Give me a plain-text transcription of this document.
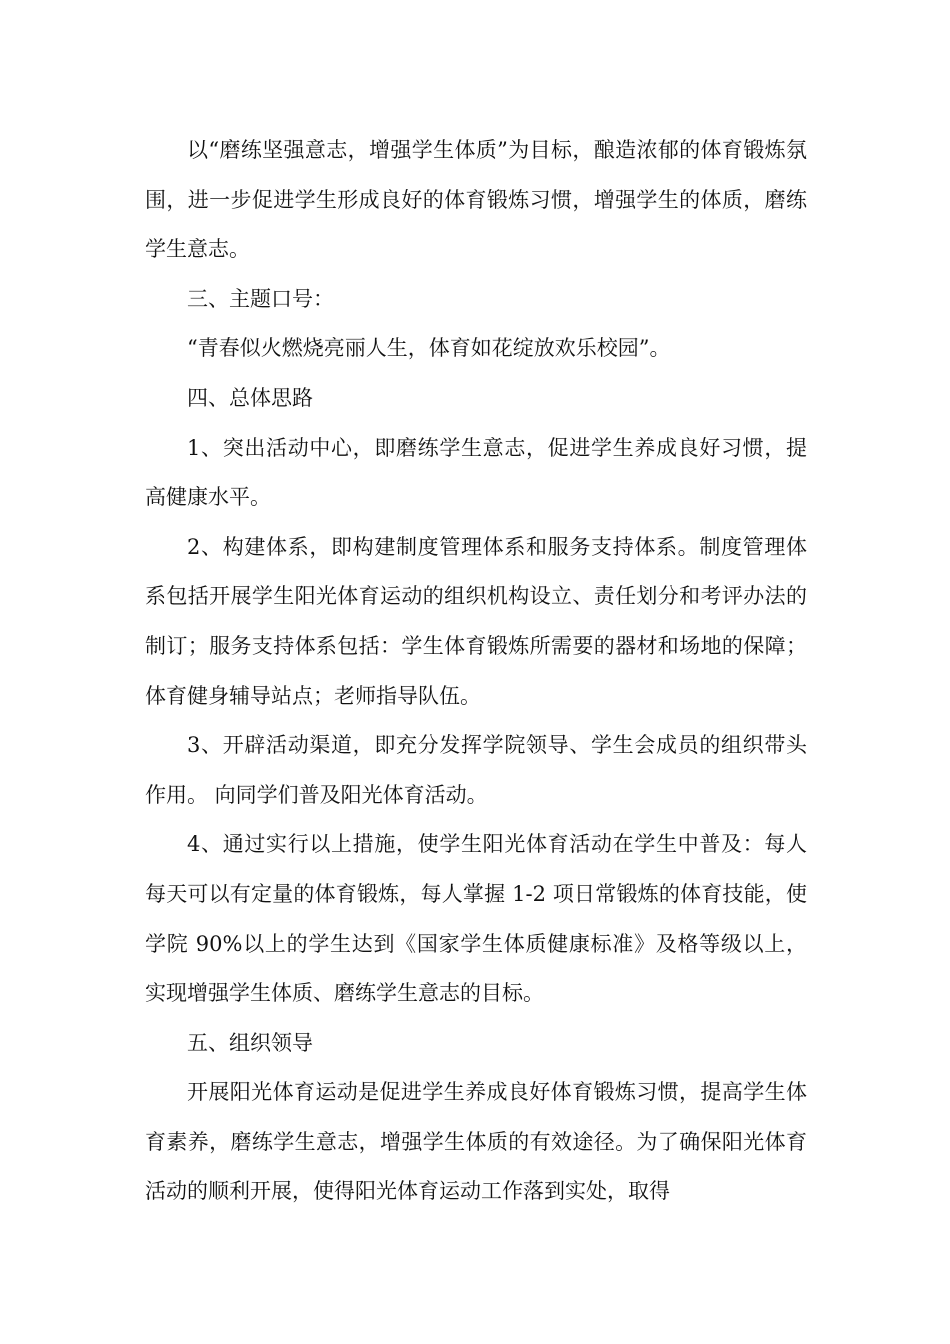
以“磨练坚强意志，增强学生体质”为目标，酿造浓郁的体育锻炼氛围，进一步促进学生形成良好的体育锻炼习惯，增强学生的体质，磨练学生意志。

三、主题口号：

“青春似火燃烧亮丽人生，体育如花绽放欢乐校园”。

四、总体思路

1、突出活动中心，即磨练学生意志，促进学生养成良好习惯，提高健康水平。

2、构建体系，即构建制度管理体系和服务支持体系。制度管理体系包括开展学生阳光体育运动的组织机构设立、责任划分和考评办法的制订；服务支持体系包括：学生体育锻炼所需要的器材和场地的保障；体育健身辅导站点；老师指导队伍。

3、开辟活动渠道，即充分发挥学院领导、学生会成员的组织带头作用。 向同学们普及阳光体育活动。

4、通过实行以上措施，使学生阳光体育活动在学生中普及：每人每天可以有定量的体育锻炼，每人掌握 1-2 项日常锻炼的体育技能，使学院 90%以上的学生达到《国家学生体质健康标准》及格等级以上，实现增强学生体质、磨练学生意志的目标。

五、组织领导

开展阳光体育运动是促进学生养成良好体育锻炼习惯，提高学生体育素养，磨练学生意志，增强学生体质的有效途径。为了确保阳光体育活动的顺利开展，使得阳光体育运动工作落到实处，取得
